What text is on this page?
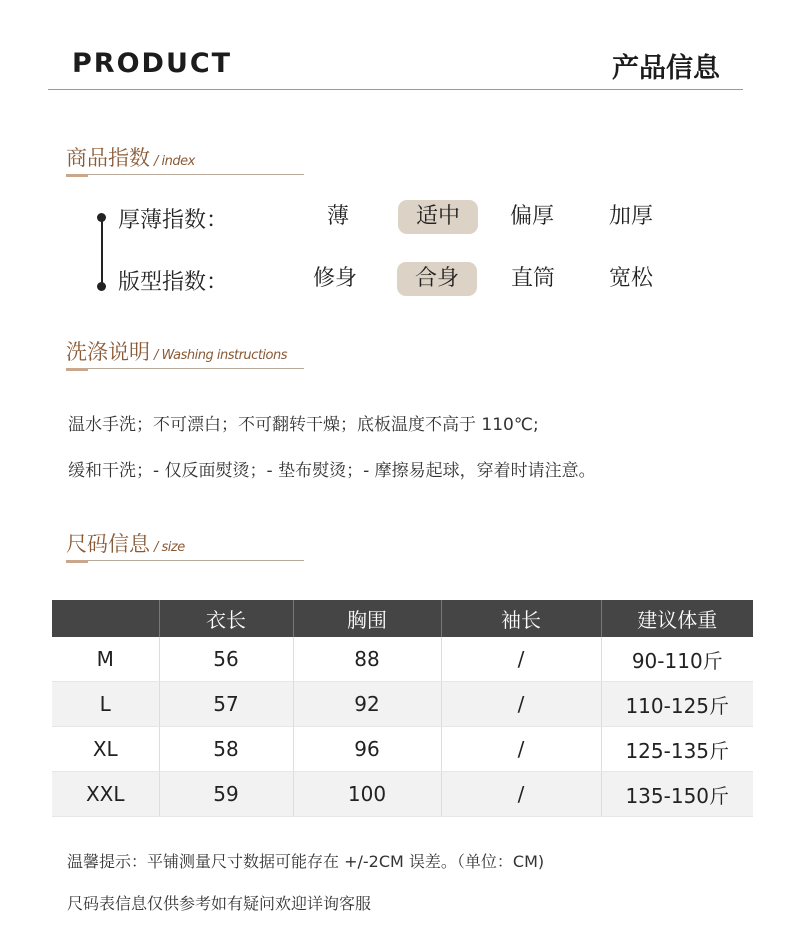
PRODUCT	产品信息
商品指数 / index
厚薄指数：	薄	适中	偏厚	加厚
版型指数：	修身	合身	直筒	宽松
洗涤说明 / Washing instructions
温水手洗；不可漂白；不可翻转干燥；底板温度不高于 110℃;
缓和干洗；- 仅反面熨烫；- 垫布熨烫；- 摩擦易起球，穿着时请注意。
尺码信息 / size
	衣长	胸围	袖长	建议体重
M	56	88	/	90-110斤
L	57	92	/	110-125斤
XL	58	96	/	125-135斤
XXL	59	100	/	135-150斤
温馨提示：平铺测量尺寸数据可能存在 +/-2CM 误差。（单位：CM)
尺码表信息仅供参考如有疑问欢迎详询客服
